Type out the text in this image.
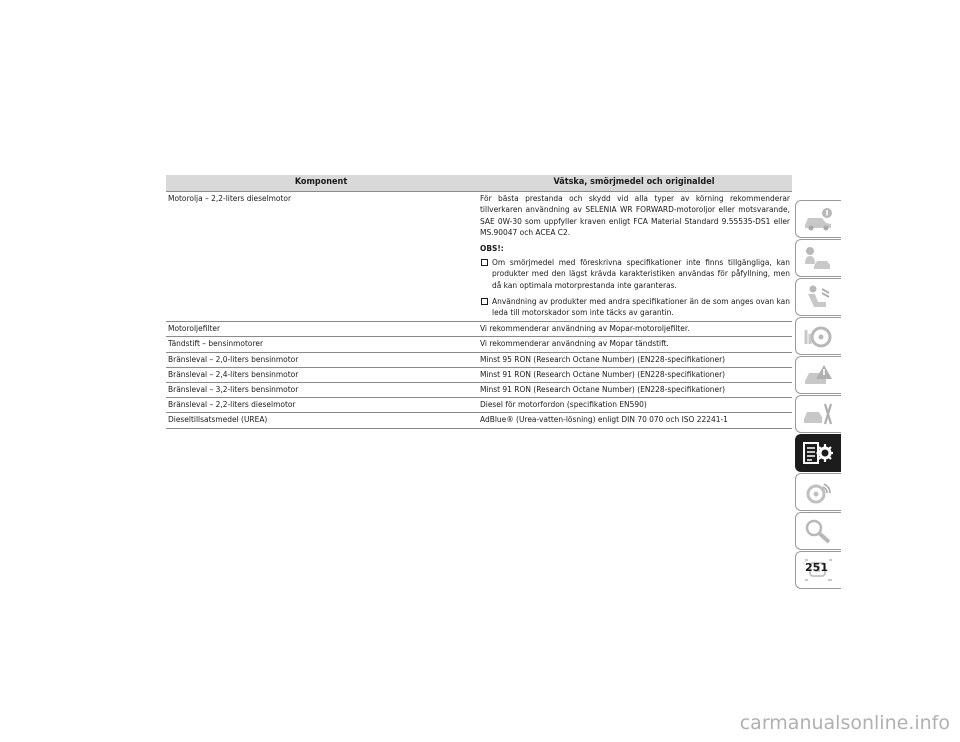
Komponent	Vätska, smörjmedel och originaldel
Motorolja – 2,2-liters dieselmotor	För bästa prestanda och skydd vid alla typer av körning rekommenderar tillverkaren användning av SELENIA WR FORWARD-motoroljor eller motsvarande, SAE 0W-30 som uppfyller kraven enligt FCA Material Standard 9.55535-DS1 eller MS.90047 och ACEA C2.

OBS!:

Om smörjmedel med föreskrivna specifikationer inte finns tillgängliga, kan produkter med den lägst krävda karakteristiken användas för påfyllning, men då kan optimala motorprestanda inte garanteras.
Användning av produkter med andra specifikationer än de som anges ovan kan leda till motorskador som inte täcks av garantin.

Motoroljefilter	Vi rekommenderar användning av Mopar-motoroljefilter.
Tändstift – bensinmotorer	Vi rekommenderar användning av Mopar tändstift.
Bränsleval – 2,0-liters bensinmotor	Minst 95 RON (Research Octane Number) (EN228-specifikationer)
Bränsleval – 2,4-liters bensinmotor	Minst 91 RON (Research Octane Number) (EN228-specifikationer)
Bränsleval – 3,2-liters bensinmotor	Minst 91 RON (Research Octane Number) (EN228-specifikationer)
Bränsleval – 2,2-liters dieselmotor	Diesel för motorfordon (specifikation EN590)
Dieseltillsatsmedel (UREA)	AdBlue® (Urea-vatten-lösning) enligt DIN 70 070 och ISO 22241-1
251
carmanualsonline.info
